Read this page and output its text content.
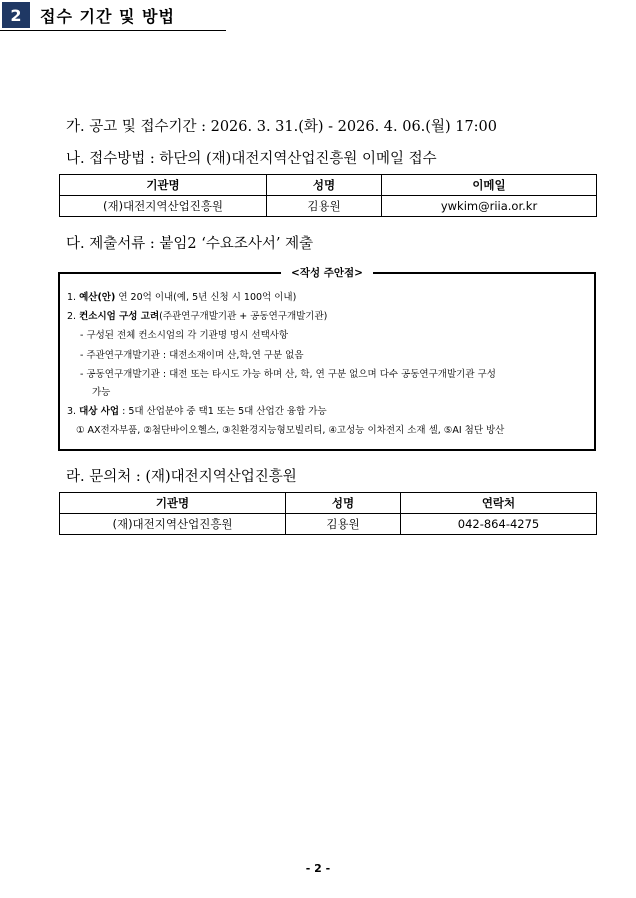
2	접수 기간 및 방법
가. 공고 및 접수기간 : 2026. 3. 31.(화) - 2026. 4. 06.(월) 17:00
나. 접수방법 : 하단의 (재)대전지역산업진흥원 이메일 접수
기관명	성명	이메일
(재)대전지역산업진흥원	김용원	ywkim@riia.or.kr
다. 제출서류 : 붙임2 ‘수요조사서’ 제출
<작성 주안점>
1. 예산(안) 연 20억 이내(예, 5년 신청 시 100억 이내)
2. 컨소시엄 구성 고려(주관연구개발기관 + 공동연구개발기관)
- 구성된 전체 컨소시엄의 각 기관명 명시 선택사항
- 주관연구개발기관 : 대전소재이며 산,학,연 구분 없음
- 공동연구개발기관 : 대전 또는 타시도 가능 하며 산, 학, 연 구분 없으며 다수 공동연구개발기관 구성
가능
3. 대상 사업 : 5대 산업분야 중 택1 또는 5대 산업간 융합 가능
① AX전자부품, ②첨단바이오헬스, ③친환경지능형모빌리티, ④고성능 이차전지 소재 셀, ⑤AI 첨단 방산
라. 문의처 : (재)대전지역산업진흥원
기관명	성명	연락처
(재)대전지역산업진흥원	김용원	042-864-4275
- 2 -
